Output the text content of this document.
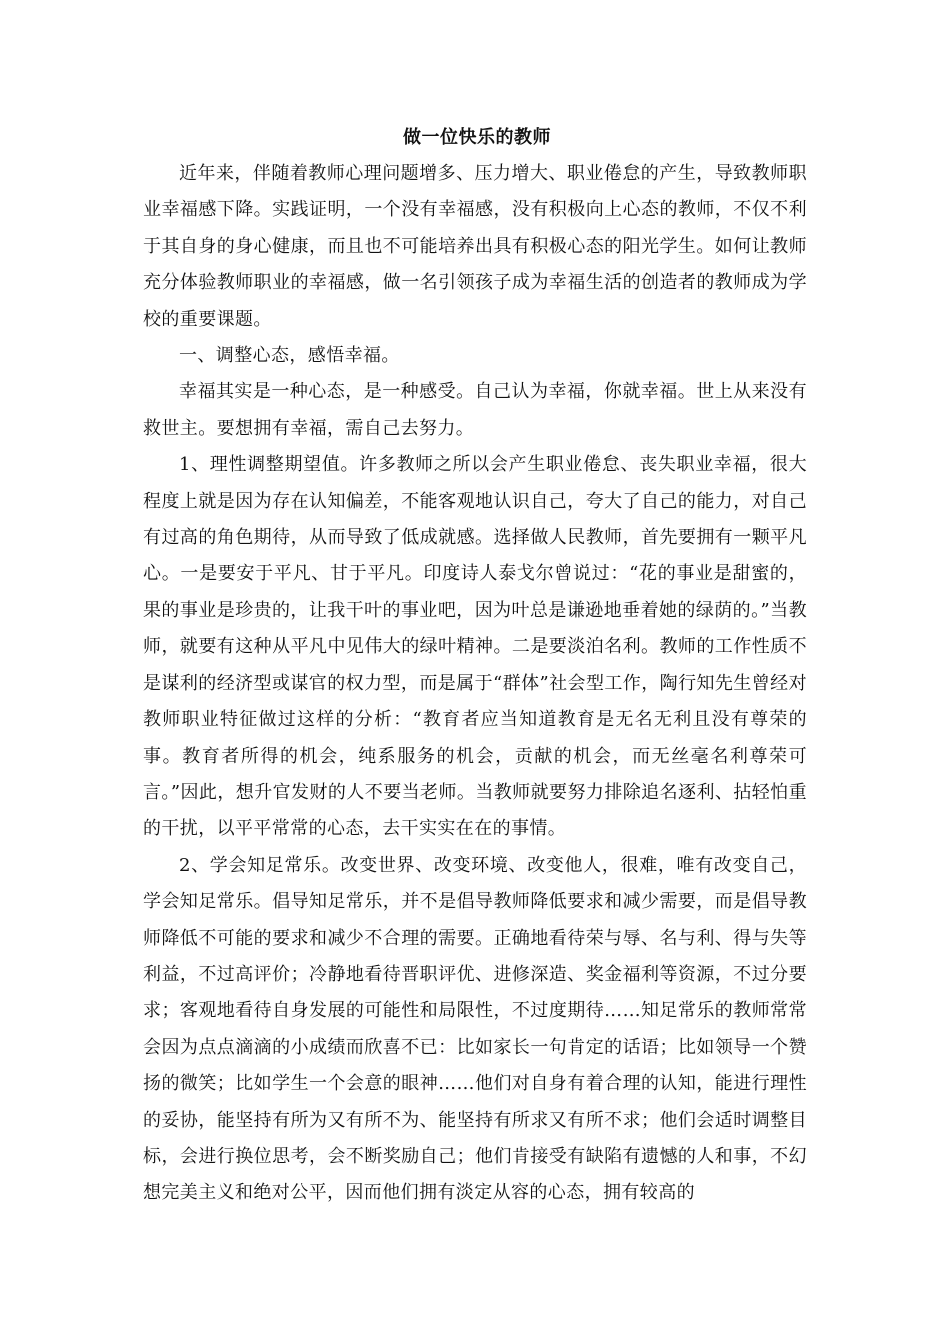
做一位快乐的教师

近年来，伴随着教师心理问题增多、压力增大、职业倦怠的产生，导致教师职业幸福感下降。实践证明，一个没有幸福感，没有积极向上心态的教师，不仅不利于其自身的身心健康，而且也不可能培养出具有积极心态的阳光学生。如何让教师充分体验教师职业的幸福感，做一名引领孩子成为幸福生活的创造者的教师成为学校的重要课题。

一、调整心态，感悟幸福。

幸福其实是一种心态，是一种感受。自己认为幸福，你就幸福。世上从来没有救世主。要想拥有幸福，需自己去努力。

1、理性调整期望值。许多教师之所以会产生职业倦怠、丧失职业幸福，很大程度上就是因为存在认知偏差，不能客观地认识自己，夸大了自己的能力，对自己有过高的角色期待，从而导致了低成就感。选择做人民教师，首先要拥有一颗平凡心。一是要安于平凡、甘于平凡。印度诗人泰戈尔曾说过：“花的事业是甜蜜的，果的事业是珍贵的，让我干叶的事业吧，因为叶总是谦逊地垂着她的绿荫的。”当教师，就要有这种从平凡中见伟大的绿叶精神。二是要淡泊名利。教师的工作性质不是谋利的经济型或谋官的权力型，而是属于“群体”社会型工作，陶行知先生曾经对教师职业特征做过这样的分析：“教育者应当知道教育是无名无利且没有尊荣的事。教育者所得的机会，纯系服务的机会，贡献的机会，而无丝毫名利尊荣可言。”因此，想升官发财的人不要当老师。当教师就要努力排除追名逐利、拈轻怕重的干扰，以平平常常的心态，去干实实在在的事情。

2、学会知足常乐。改变世界、改变环境、改变他人，很难，唯有改变自己，学会知足常乐。倡导知足常乐，并不是倡导教师降低要求和减少需要，而是倡导教师降低不可能的要求和减少不合理的需要。正确地看待荣与辱、名与利、得与失等利益，不过高评价；冷静地看待晋职评优、进修深造、奖金福利等资源，不过分要求；客观地看待自身发展的可能性和局限性，不过度期待……知足常乐的教师常常会因为点点滴滴的小成绩而欣喜不已：比如家长一句肯定的话语；比如领导一个赞扬的微笑；比如学生一个会意的眼神……他们对自身有着合理的认知，能进行理性的妥协，能坚持有所为又有所不为、能坚持有所求又有所不求；他们会适时调整目标，会进行换位思考，会不断奖励自己；他们肯接受有缺陷有遗憾的人和事，不幻想完美主义和绝对公平，因而他们拥有淡定从容的心态，拥有较高的
